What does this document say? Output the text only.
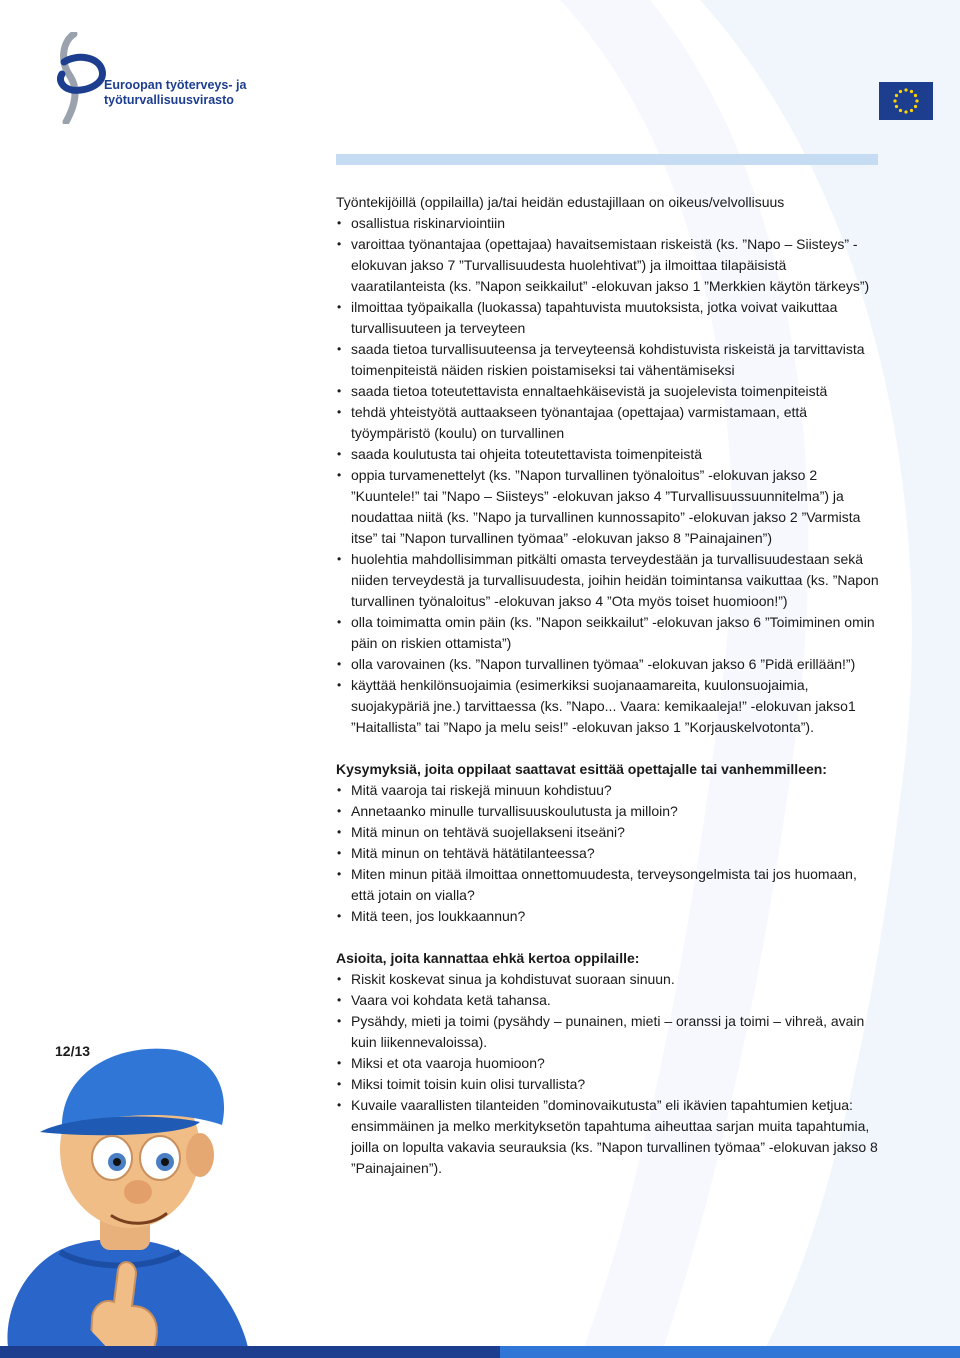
Euroopan työterveys- ja
työturvallisuusvirasto

Työntekijöillä (oppilailla) ja/tai heidän edustajillaan on oikeus/velvollisuus

• osallistua riskinarviointiin
• varoittaa työnantajaa (opettajaa) havaitsemistaan riskeistä (ks. ”Napo – Siisteys” -elokuvan jakso 7 ”Turvallisuudesta huolehtivat”) ja ilmoittaa tilapäisistä vaaratilanteista (ks. ”Napon seikkailut” -elokuvan jakso 1 ”Merkkien käytön tärkeys”)
• ilmoittaa työpaikalla (luokassa) tapahtuvista muutoksista, jotka voivat vaikuttaa turvallisuuteen ja terveyteen
• saada tietoa turvallisuuteensa ja terveyteensä kohdistuvista riskeistä ja tarvittavista toimenpiteistä näiden riskien poistamiseksi tai vähentämiseksi
• saada tietoa toteutettavista ennaltaehkäisevistä ja suojelevista toimenpiteistä
• tehdä yhteistyötä auttaakseen työnantajaa (opettajaa) varmistamaan, että työympäristö (koulu) on turvallinen
• saada koulutusta tai ohjeita toteutettavista toimenpiteistä
• oppia turvamenettelyt (ks. ”Napon turvallinen työnaloitus” -elokuvan jakso 2 ”Kuuntele!” tai ”Napo – Siisteys” -elokuvan jakso 4 ”Turvallisuussuunnitelma”) ja noudattaa niitä (ks. ”Napo ja turvallinen kunnossapito” -elokuvan jakso 2 ”Varmista itse” tai ”Napon turvallinen työmaa” -elokuvan jakso 8 ”Painajainen”)
• huolehtia mahdollisimman pitkälti omasta terveydestään ja turvallisuudestaan sekä niiden terveydestä ja turvallisuudesta, joihin heidän toimintansa vaikuttaa (ks. ”Napon turvallinen työnaloitus” -elokuvan jakso 4 ”Ota myös toiset huomioon!”)
• olla toimimatta omin päin (ks. ”Napon seikkailut” -elokuvan jakso 6 ”Toimiminen omin päin on riskien ottamista”)
• olla varovainen (ks. ”Napon turvallinen työmaa” -elokuvan jakso 6 ”Pidä erillään!”)
• käyttää henkilönsuojaimia (esimerkiksi suojanaamareita, kuulonsuojaimia, suojakypäriä jne.) tarvittaessa (ks. ”Napo... Vaara: kemikaaleja!” -elokuvan jakso1 ”Haitallista” tai ”Napo ja melu seis!” -elokuvan jakso 1 ”Korjauskelvotonta”).

Kysymyksiä, joita oppilaat saattavat esittää opettajalle tai vanhemmilleen:

• Mitä vaaroja tai riskejä minuun kohdistuu?
• Annetaanko minulle turvallisuuskoulutusta ja milloin?
• Mitä minun on tehtävä suojellakseni itseäni?
• Mitä minun on tehtävä hätätilanteessa?
• Miten minun pitää ilmoittaa onnettomuudesta, terveysongelmista tai jos huomaan, että jotain on vialla?
• Mitä teen, jos loukkaannun?

Asioita, joita kannattaa ehkä kertoa oppilaille:

• Riskit koskevat sinua ja kohdistuvat suoraan sinuun.
• Vaara voi kohdata ketä tahansa.
• Pysähdy, mieti ja toimi (pysähdy – punainen, mieti – oranssi ja toimi – vihreä, avain kuin liikennevaloissa).
• Miksi et ota vaaroja huomioon?
• Miksi toimit toisin kuin olisi turvallista?
• Kuvaile vaarallisten tilanteiden ”dominovaikutusta” eli ikävien tapahtumien ketjua: ensimmäinen ja melko merkityksetön tapahtuma aiheuttaa sarjan muita tapahtumia, joilla on lopulta vakavia seurauksia (ks. ”Napon turvallinen työmaa” -elokuvan jakso 8 ”Painajainen”).
12/13
